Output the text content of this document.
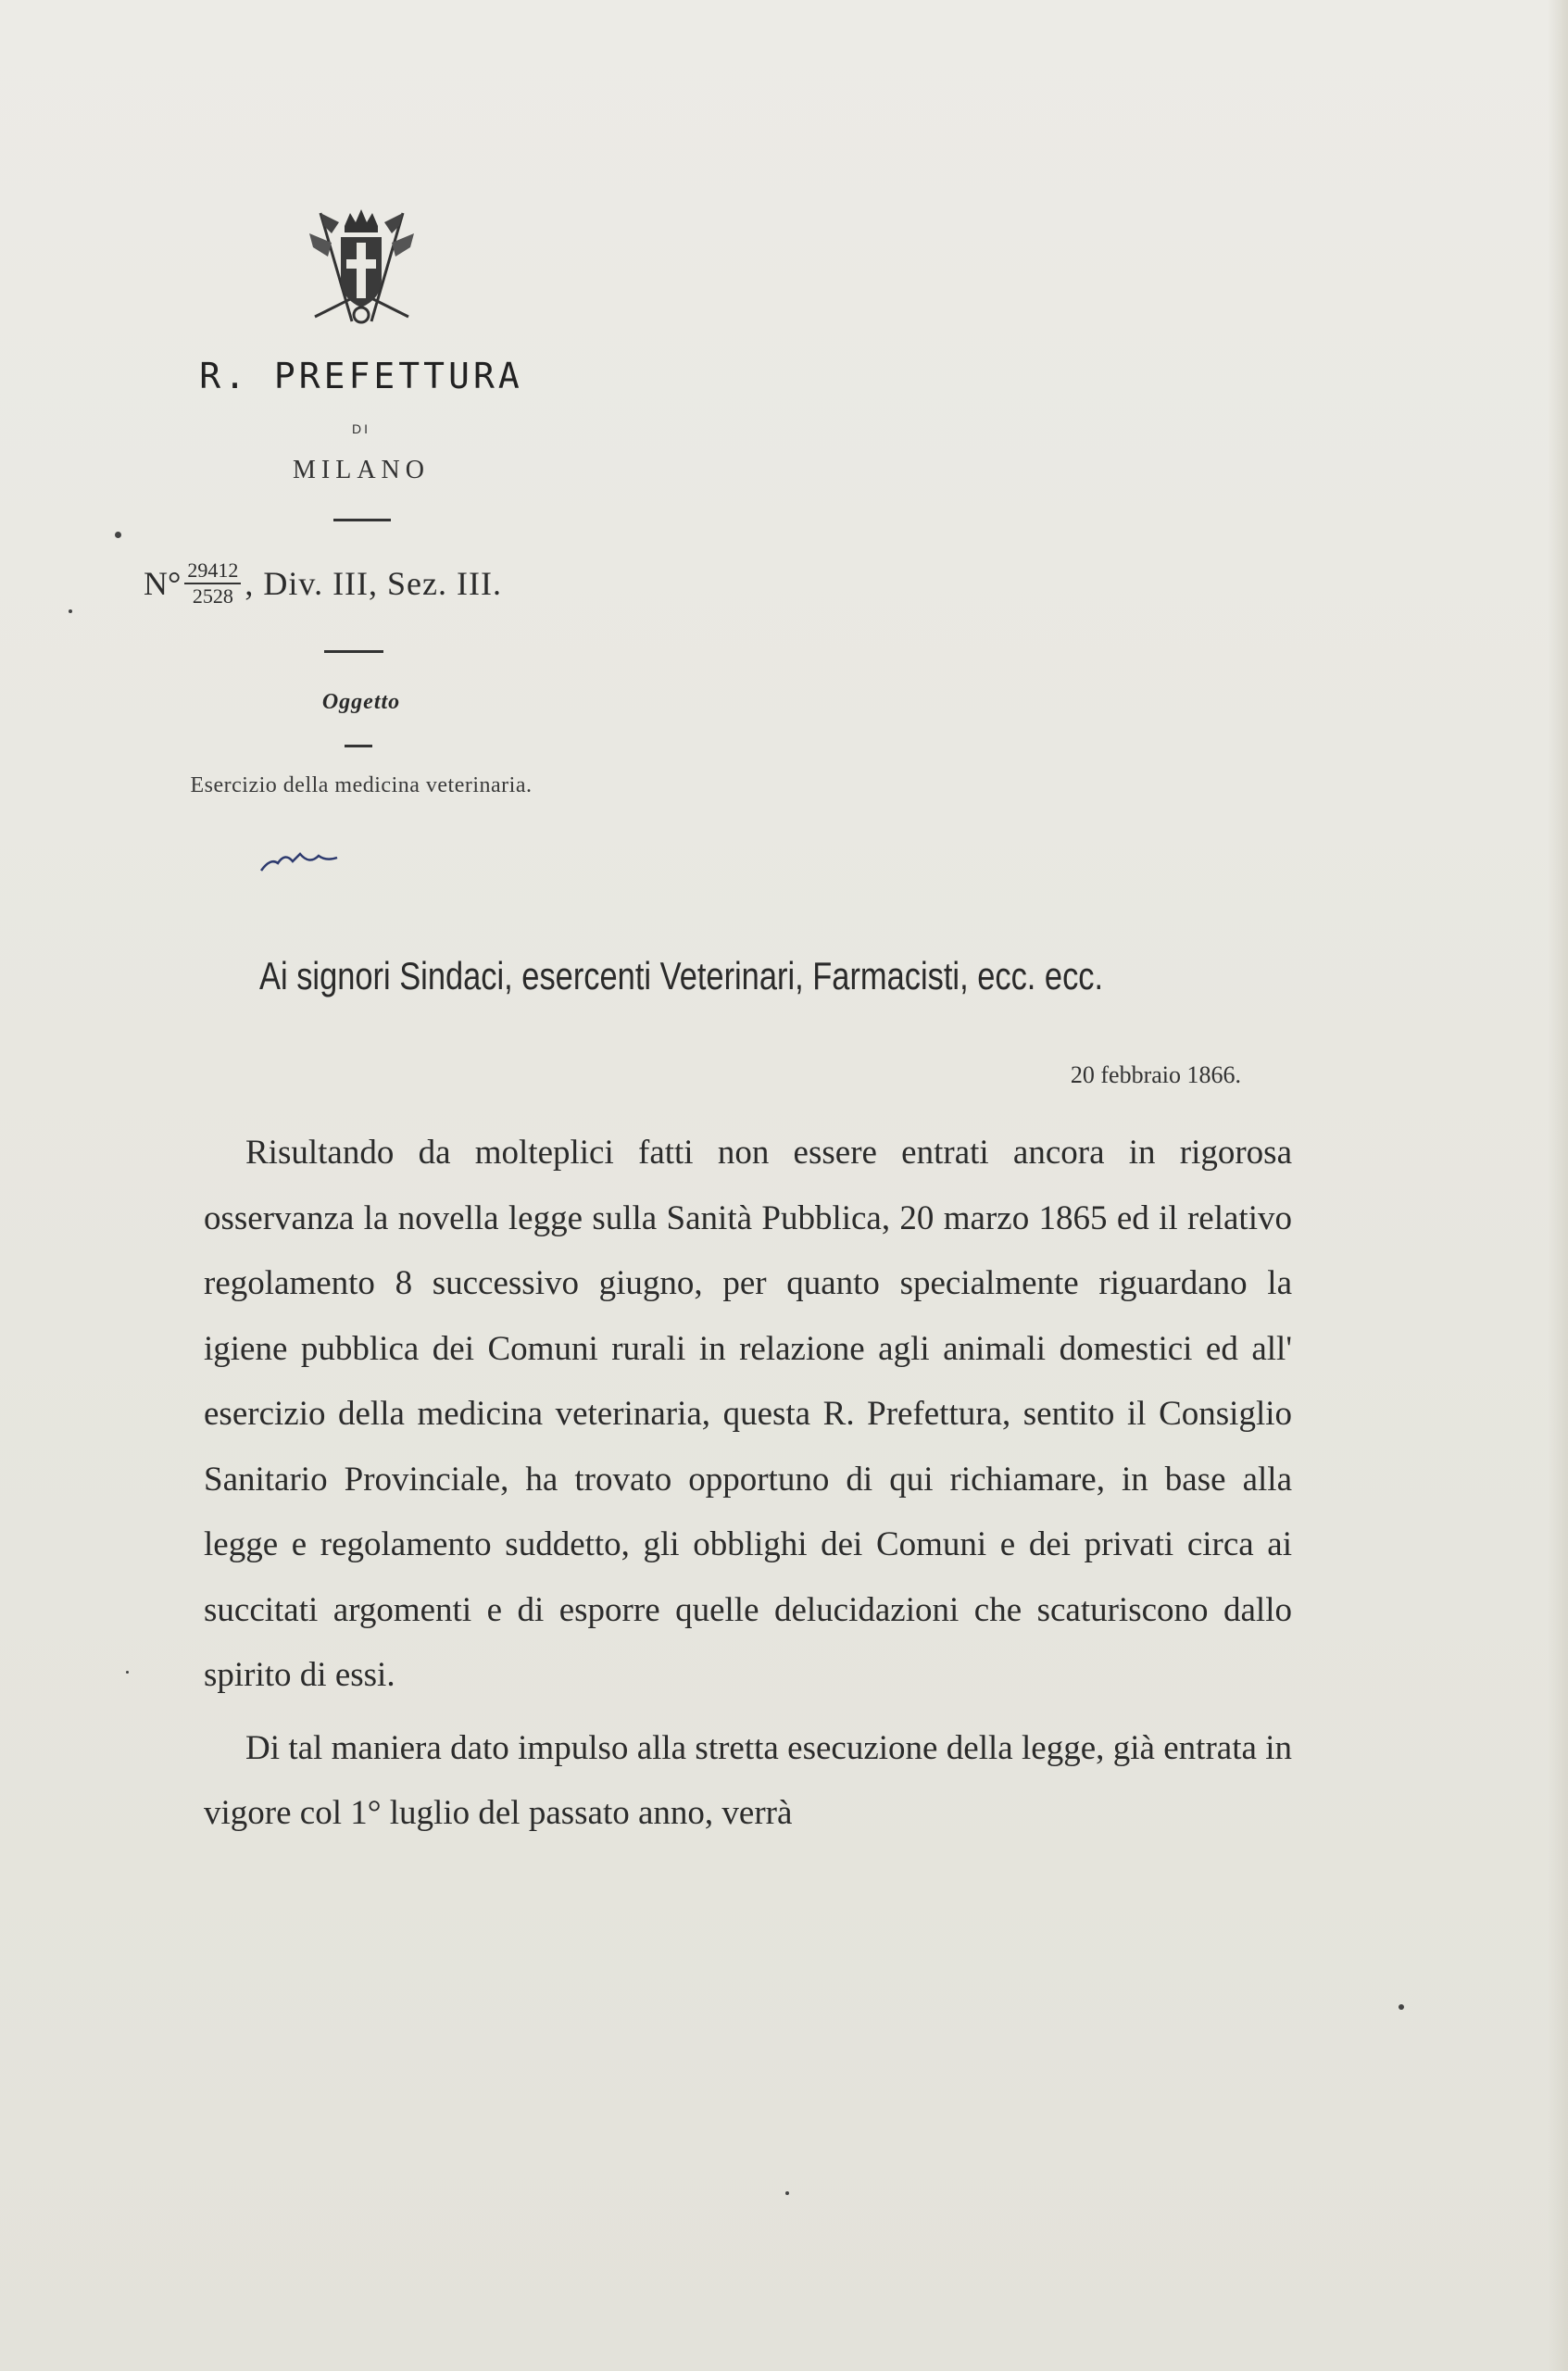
R. PREFETTURA
DI
MILANO
$N^\circ \frac{29412}{2528}$ , Div. III, Sez. III.
Oggetto
Esercizio della medicina veterinaria.
Ai signori Sindaci, esercenti Veterinari, Farmacisti, ecc. ecc.
20 febbraio 1866.

Risultando da molteplici fatti non essere entrati ancora in rigorosa osservanza la novella legge sulla Sanità Pubblica, 20 marzo 1865 ed il relativo regolamento 8 successivo giugno, per quanto specialmente riguardano la igiene pubblica dei Comuni rurali in relazione agli animali domestici ed all' esercizio della medicina veterinaria, questa R. Prefettura, sentito il Consiglio Sanitario Provinciale, ha trovato opportuno di qui richiamare, in base alla legge e regolamento suddetto, gli obblighi dei Comuni e dei privati circa ai succitati argomenti e di esporre quelle delucidazioni che scaturiscono dallo spirito di essi.

Di tal maniera dato impulso alla stretta esecuzione della legge, già entrata in vigore col 1° luglio del passato anno, verrà
